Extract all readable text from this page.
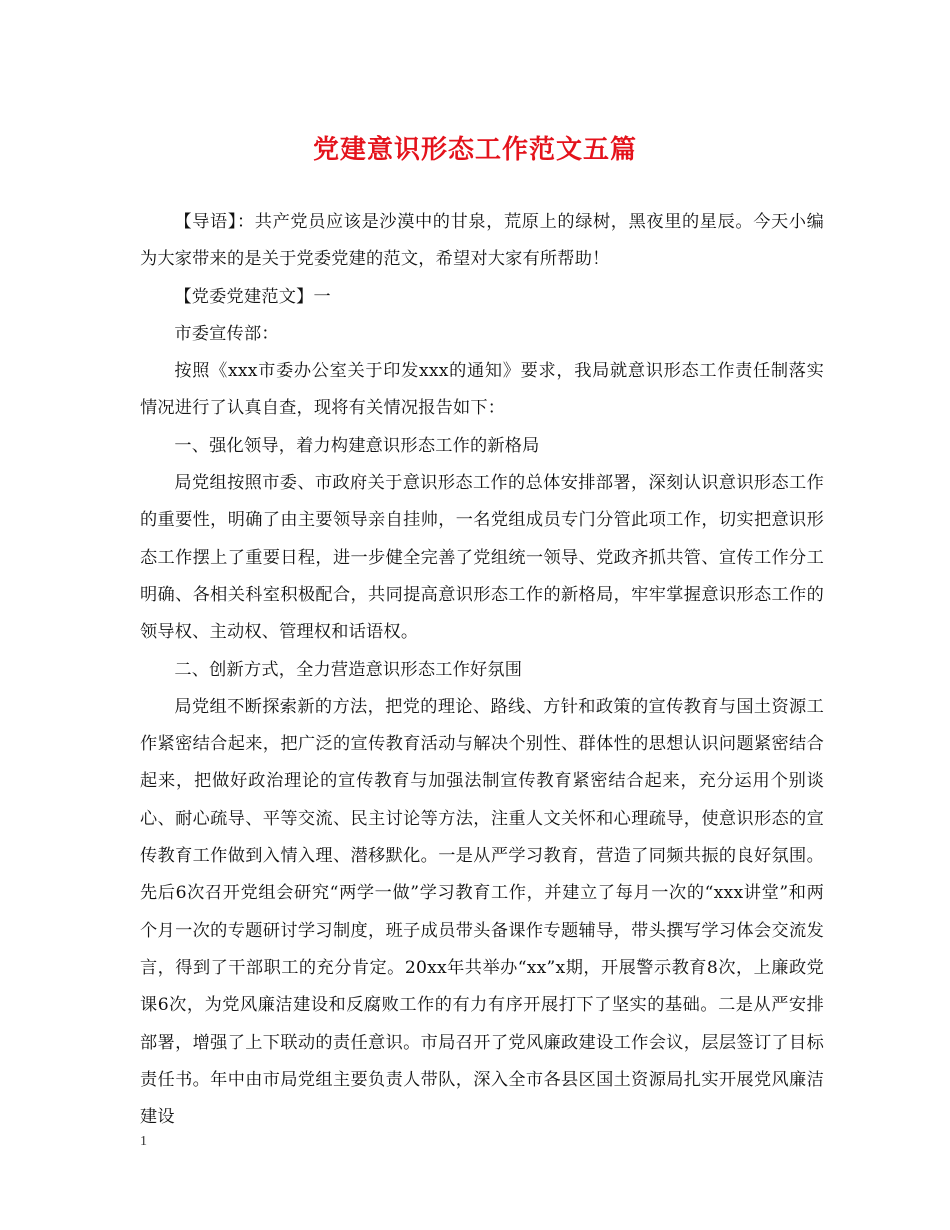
党建意识形态工作范文五篇

【导语】：共产党员应该是沙漠中的甘泉，荒原上的绿树，黑夜里的星辰。今天小编为大家带来的是关于党委党建的范文，希望对大家有所帮助！

【党委党建范文】一

市委宣传部：

按照《xxx市委办公室关于印发xxx的通知》要求，我局就意识形态工作责任制落实情况进行了认真自查，现将有关情况报告如下：

一、强化领导，着力构建意识形态工作的新格局

局党组按照市委、市政府关于意识形态工作的总体安排部署，深刻认识意识形态工作的重要性，明确了由主要领导亲自挂帅，一名党组成员专门分管此项工作，切实把意识形态工作摆上了重要日程，进一步健全完善了党组统一领导、党政齐抓共管、宣传工作分工明确、各相关科室积极配合，共同提高意识形态工作的新格局，牢牢掌握意识形态工作的领导权、主动权、管理权和话语权。

二、创新方式，全力营造意识形态工作好氛围

局党组不断探索新的方法，把党的理论、路线、方针和政策的宣传教育与国土资源工作紧密结合起来，把广泛的宣传教育活动与解决个别性、群体性的思想认识问题紧密结合起来，把做好政治理论的宣传教育与加强法制宣传教育紧密结合起来，充分运用个别谈心、耐心疏导、平等交流、民主讨论等方法，注重人文关怀和心理疏导，使意识形态的宣传教育工作做到入情入理、潜移默化。一是从严学习教育，营造了同频共振的良好氛围。先后6次召开党组会研究“两学一做”学习教育工作，并建立了每月一次的“xxx讲堂”和两个月一次的专题研讨学习制度，班子成员带头备课作专题辅导，带头撰写学习体会交流发言，得到了干部职工的充分肯定。20xx年共举办“xx”x期，开展警示教育8次，上廉政党课6次，为党风廉洁建设和反腐败工作的有力有序开展打下了坚实的基础。二是从严安排部署，增强了上下联动的责任意识。市局召开了党风廉政建设工作会议，层层签订了目标责任书。年中由市局党组主要负责人带队，深入全市各县区国土资源局扎实开展党风廉洁建设

1
